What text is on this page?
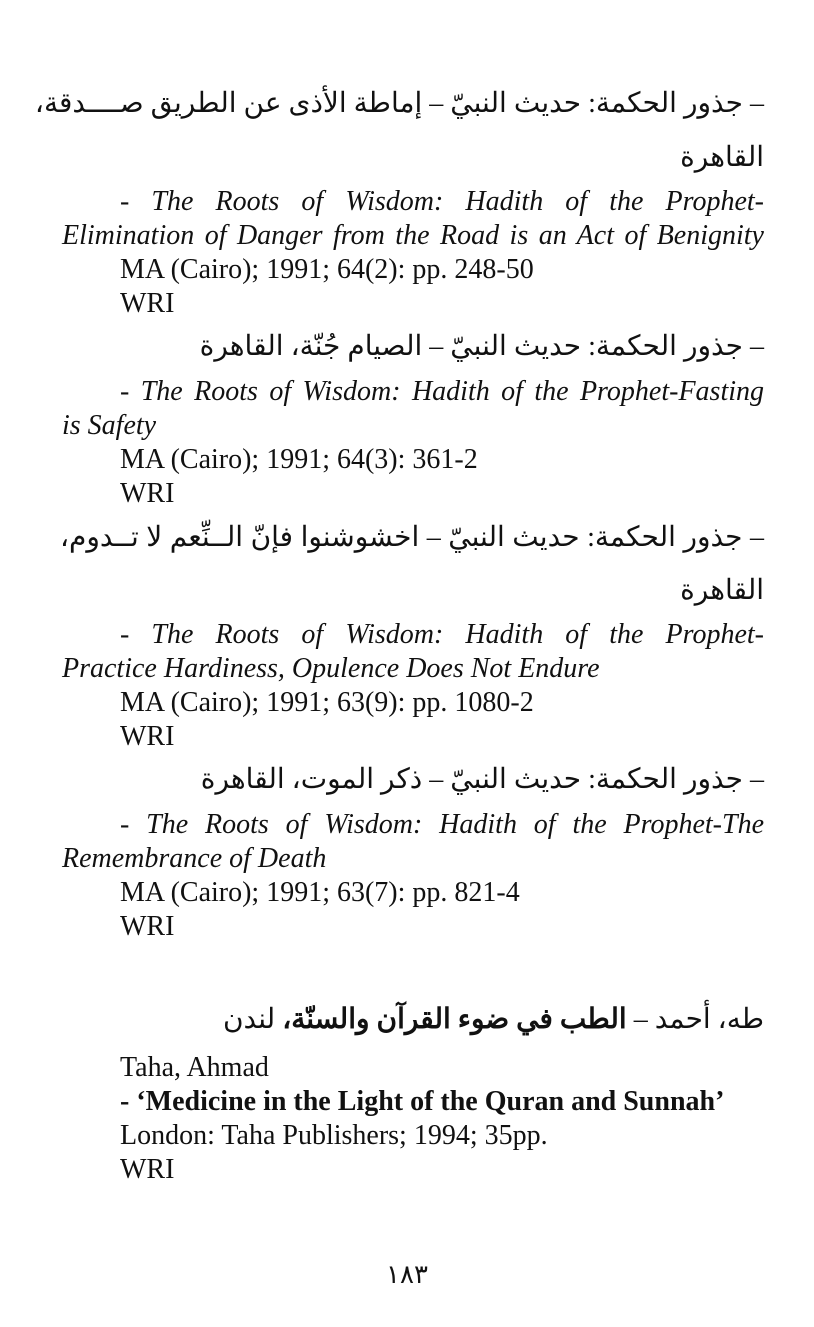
– جذور الحكمة: حديث النبيّ – إماطة الأذى عن الطريق صــــدقة،
القاهرة
- The Roots of Wisdom: Hadith of the Prophet-
Elimination of Danger from the Road is an Act of Benignity
MA (Cairo); 1991; 64(2): pp. 248-50
WRI
– جذور الحكمة: حديث النبيّ – الصيام جُنّة، القاهرة
- The Roots of Wisdom: Hadith of the Prophet-Fasting
is Safety
MA (Cairo); 1991; 64(3): 361-2
WRI
– جذور الحكمة: حديث النبيّ – اخشوشنوا فإنّ الــنِّعم لا تــدوم،
القاهرة
- The Roots of Wisdom: Hadith of the Prophet-
Practice Hardiness, Opulence Does Not Endure
MA (Cairo); 1991; 63(9): pp. 1080-2
WRI
– جذور الحكمة: حديث النبيّ – ذكر الموت، القاهرة
- The Roots of Wisdom: Hadith of the Prophet-The
Remembrance of Death
MA (Cairo); 1991; 63(7): pp. 821-4
WRI
طه، أحمد – الطب في ضوء القرآن والسنّة، لندن
Taha, Ahmad
- ‘Medicine in the Light of the Quran and Sunnah’
London: Taha Publishers; 1994; 35pp.
WRI
١٨٣
